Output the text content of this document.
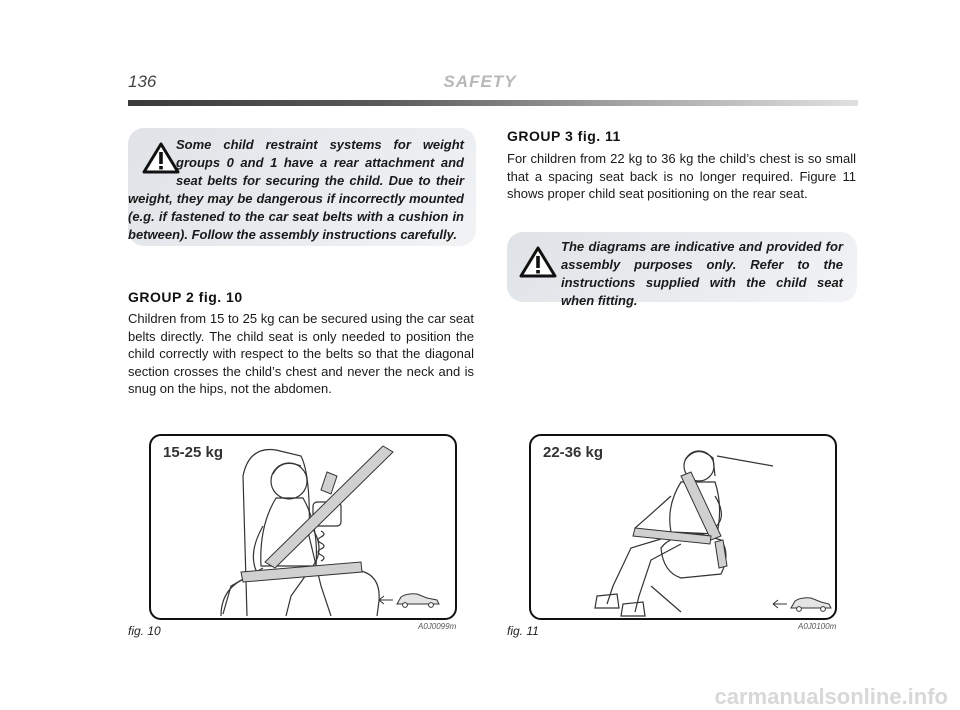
136	SAFETY
Some child restraint systems for weight groups 0 and 1 have a rear attachment and seat belts for securing the child. Due to their weight, they may be dangerous if incorrectly mounted (e.g. if fastened to the car seat belts with a cushion in between). Follow the assembly instructions carefully.
GROUP 2 fig. 10
Children from 15 to 25 kg can be secured using the car seat belts directly. The child seat is only needed to position the child correctly with respect to the belts so that the diagonal section crosses the child’s chest and never the neck and is snug on the hips, not the abdomen.
GROUP 3 fig. 11
For children from 22 kg to 36 kg the child’s chest is so small that a spacing seat back is no longer required. Figure 11 shows proper child seat positioning on the rear seat.
The diagrams are indicative and provided for assembly purposes only. Refer to the instructions supplied with the child seat when fitting.
15-25 kg
fig. 10	A0J0099m
22-36 kg
fig. 11	A0J0100m
carmanualsonline.info
